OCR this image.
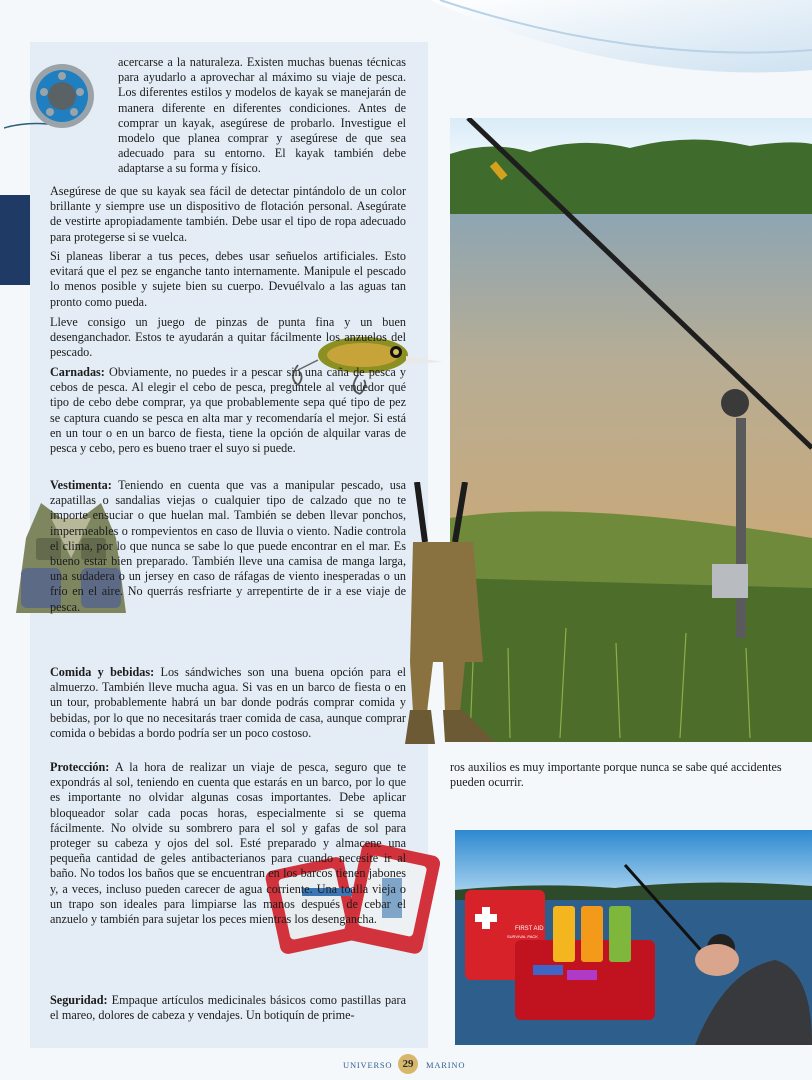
FIRST AID
SURVIVAL PACK

acercarse a la naturaleza. Existen muchas buenas técnicas para ayudarlo a aprovechar al máximo su viaje de pesca. Los diferentes estilos y modelos de kayak se manejarán de manera diferente en diferentes condiciones. Antes de comprar un kayak, asegúrese de probarlo. Investigue el modelo que planea comprar y asegúrese de que sea adecuado para su entorno. El kayak también debe adaptarse a su forma y físico.

Asegúrese de que su kayak sea fácil de detectar pintándolo de un color brillante y siempre use un dispositivo de flotación personal. Asegúrate de vestirte apropiadamente también. Debe usar el tipo de ropa adecuado para protegerse si se vuelca.

Si planeas liberar a tus peces, debes usar señuelos artificiales. Esto evitará que el pez se enganche tanto internamente. Manipule el pescado lo menos posible y sujete bien su cuerpo. Devuélvalo a las aguas tan pronto como pueda.

Lleve consigo un juego de pinzas de punta fina y un buen desenganchador. Estos te ayudarán a quitar fácilmente los anzuelos del pescado.

Carnadas: Obviamente, no puedes ir a pescar sin una caña de pesca y cebos de pesca. Al elegir el cebo de pesca, pregúntele al vendedor qué tipo de cebo debe comprar, ya que probablemente sepa qué tipo de pez se captura cuando se pesca en alta mar y recomendaría el mejor. Si está en un tour o en un barco de fiesta, tiene la opción de alquilar varas de pesca y cebo, pero es bueno traer el suyo si puede.

Vestimenta: Teniendo en cuenta que vas a manipular pescado, usa zapatillas o sandalias viejas o cualquier tipo de calzado que no te importe ensuciar o que huelan mal. También se deben llevar ponchos, impermeables o rompevientos en caso de lluvia o viento. Nadie controla el clima, por lo que nunca se sabe lo que puede encontrar en el mar. Es bueno estar bien preparado. También lleve una camisa de manga larga, una sudadera o un jersey en caso de ráfagas de viento inesperadas o un frío en el aire. No querrás resfriarte y arrepentirte de ir a ese viaje de pesca.

Comida y bebidas: Los sándwiches son una buena opción para el almuerzo. También lleve mucha agua. Si vas en un barco de fiesta o en un tour, probablemente habrá un bar donde podrás comprar comida y bebidas, por lo que no necesitarás traer comida de casa, aunque comprar comida o bebidas a bordo podría ser un poco costoso.

Protección: A la hora de realizar un viaje de pesca, seguro que te expondrás al sol, teniendo en cuenta que estarás en un barco, por lo que es importante no olvidar algunas cosas importantes. Debe aplicar bloqueador solar cada pocas horas, especialmente si se quema fácilmente. No olvide su sombrero para el sol y gafas de sol para proteger su cabeza y ojos del sol. Esté preparado y almacene una pequeña cantidad de geles antibacterianos para cuando necesite ir al baño. No todos los baños que se encuentran en los barcos tienen jabones y, a veces, incluso pueden carecer de agua corriente. Una toalla vieja o un trapo son ideales para limpiarse las manos después de cebar el anzuelo y también para sujetar los peces mientras los desengancha.

Seguridad: Empaque artículos medicinales básicos como pastillas para el mareo, dolores de cabeza y vendajes. Un botiquín de prime-

ros auxilios es muy importante porque nunca se sabe qué accidentes pueden ocurrir.

UNIVERSO 29	MARINO
